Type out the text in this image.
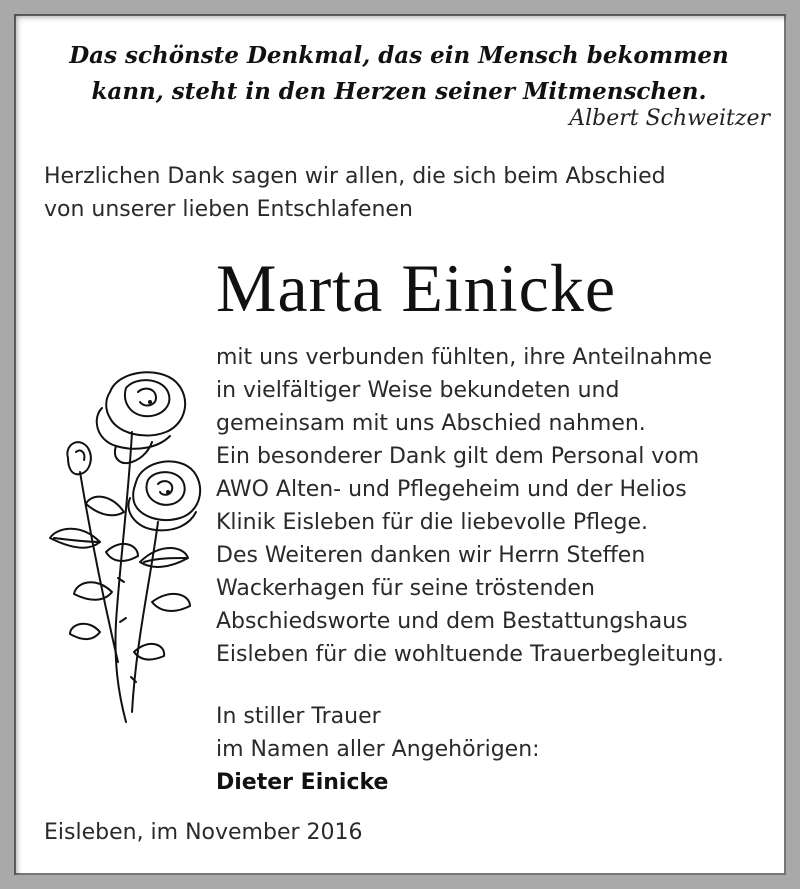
Das schönste Denkmal, das ein Mensch bekommen
kann, steht in den Herzen seiner Mitmenschen.
Albert Schweitzer
Herzlichen Dank sagen wir allen, die sich beim Abschied
von unserer lieben Entschlafenen
Marta Einicke
mit uns verbunden fühlten, ihre Anteilnahme
in vielfältiger Weise bekundeten und
gemeinsam mit uns Abschied nahmen.
Ein besonderer Dank gilt dem Personal vom
AWO Alten- und Pflegeheim und der Helios
Klinik Eisleben für die liebevolle Pflege.
Des Weiteren danken wir Herrn Steffen
Wackerhagen für seine tröstenden
Abschiedsworte und dem Bestattungshaus
Eisleben für die wohltuende Trauerbegleitung.
In stiller Trauer
im Namen aller Angehörigen:
Dieter Einicke
Eisleben, im November 2016
